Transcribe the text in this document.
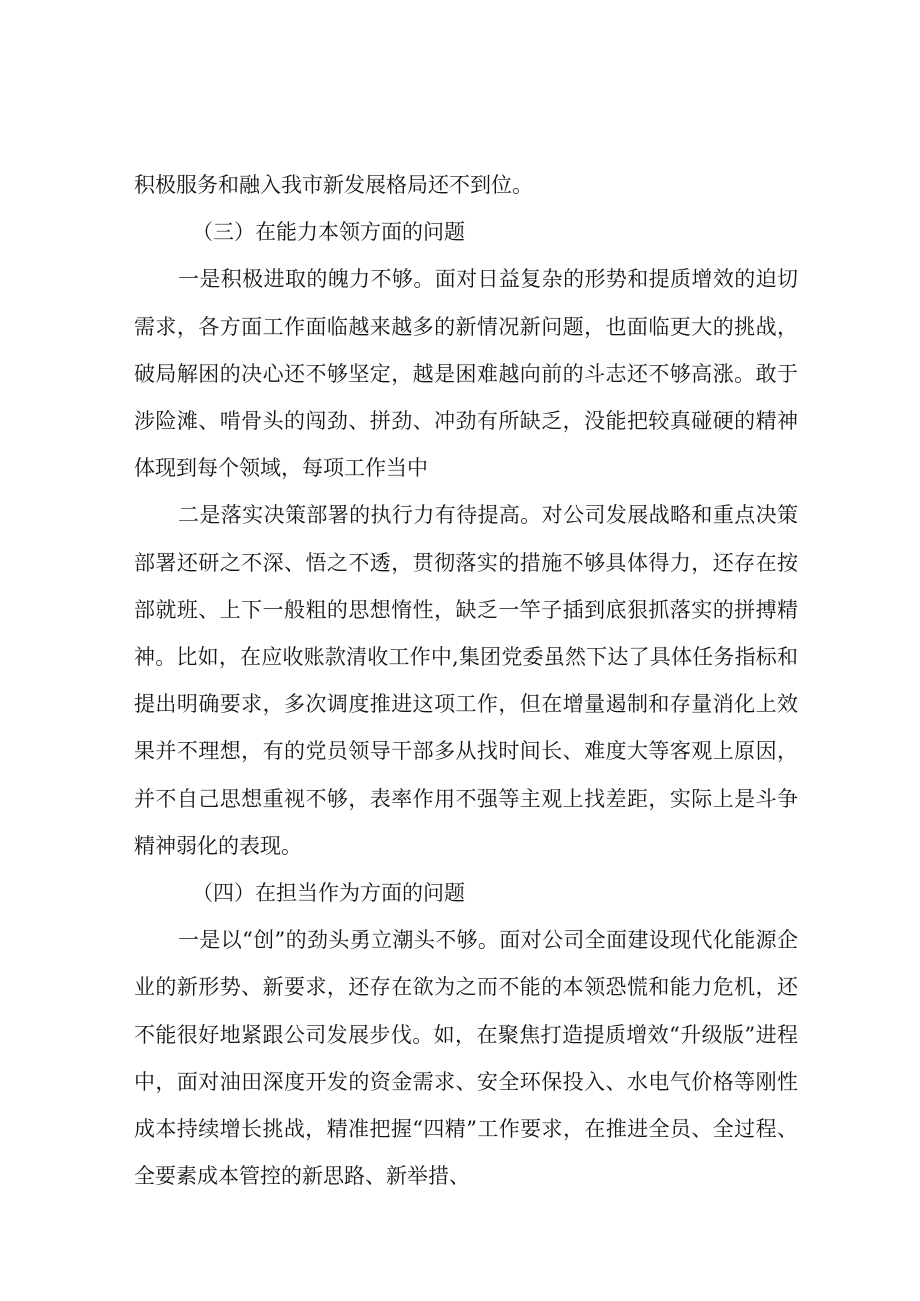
积极服务和融入我市新发展格局还不到位。

（三）在能力本领方面的问题

一是积极进取的魄力不够。面对日益复杂的形势和提质增效的迫切需求，各方面工作面临越来越多的新情况新问题，也面临更大的挑战，破局解困的决心还不够坚定，越是困难越向前的斗志还不够高涨。敢于涉险滩、啃骨头的闯劲、拼劲、冲劲有所缺乏，没能把较真碰硬的精神体现到每个领域，每项工作当中

二是落实决策部署的执行力有待提高。对公司发展战略和重点决策部署还研之不深、悟之不透，贯彻落实的措施不够具体得力，还存在按部就班、上下一般粗的思想惰性，缺乏一竿子插到底狠抓落实的拼搏精神。比如，在应收账款清收工作中,集团党委虽然下达了具体任务指标和提出明确要求，多次调度推进这项工作，但在增量遏制和存量消化上效果并不理想，有的党员领导干部多从找时间长、难度大等客观上原因，并不自己思想重视不够，表率作用不强等主观上找差距，实际上是斗争精神弱化的表现。

（四）在担当作为方面的问题

一是以“创”的劲头勇立潮头不够。面对公司全面建设现代化能源企业的新形势、新要求，还存在欲为之而不能的本领恐慌和能力危机，还不能很好地紧跟公司发展步伐。如，在聚焦打造提质增效“升级版”进程中，面对油田深度开发的资金需求、安全环保投入、水电气价格等刚性成本持续增长挑战，精准把握“四精”工作要求，在推进全员、全过程、全要素成本管控的新思路、新举措、
